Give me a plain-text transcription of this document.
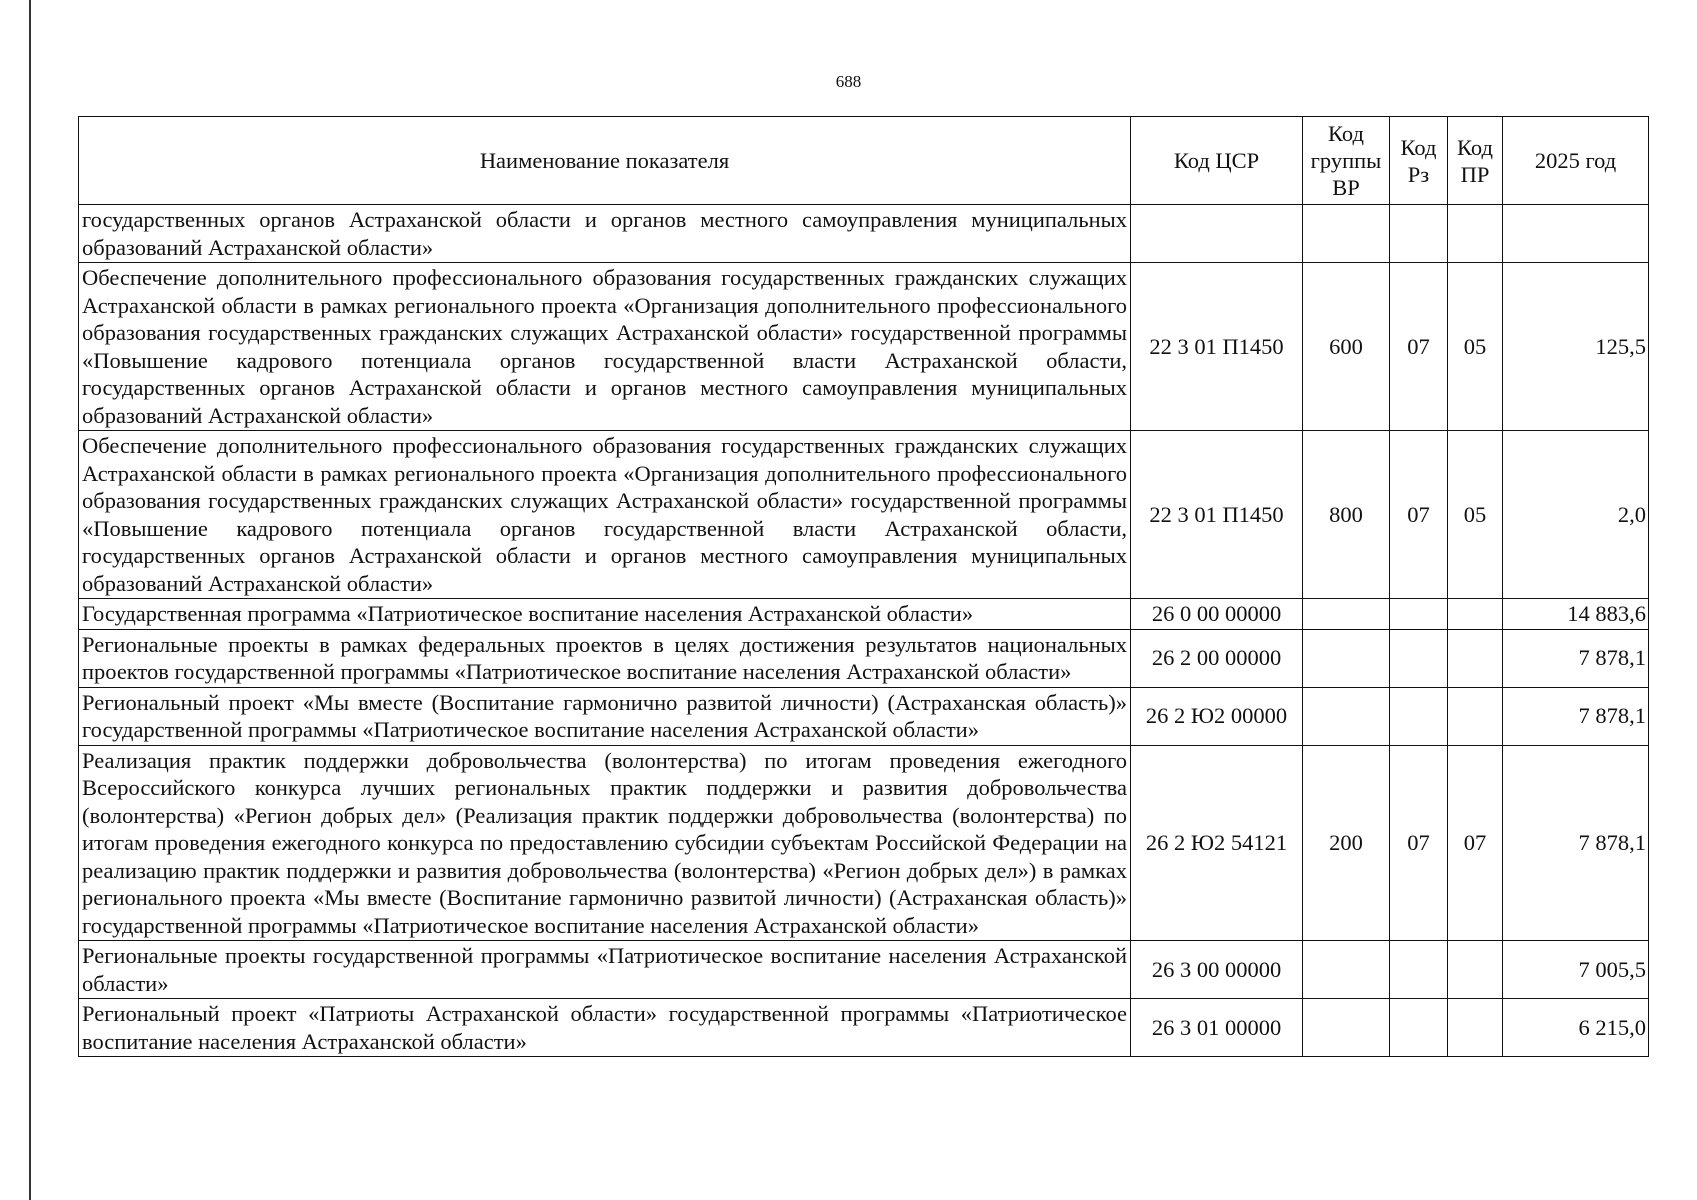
688
Наименование показателя	Код ЦСР	Код группы ВР	Код Рз	Код ПР	2025 год
государственных органов Астраханской области и органов местного самоуправления муниципальных образований Астраханской области»					
Обеспечение дополнительного профессионального образования государственных гражданских служащих Астраханской области в рамках регионального проекта «Организация дополнительного профессионального образования государственных гражданских служащих Астраханской области» государственной программы «Повышение кадрового потенциала органов государственной власти Астраханской области, государственных органов Астраханской области и органов местного самоуправления муниципальных образований Астраханской области»	22 3 01 П1450	600	07	05	125,5
Обеспечение дополнительного профессионального образования государственных гражданских служащих Астраханской области в рамках регионального проекта «Организация дополнительного профессионального образования государственных гражданских служащих Астраханской области» государственной программы «Повышение кадрового потенциала органов государственной власти Астраханской области, государственных органов Астраханской области и органов местного самоуправления муниципальных образований Астраханской области»	22 3 01 П1450	800	07	05	2,0
Государственная программа «Патриотическое воспитание населения Астраханской области»	26 0 00 00000				14 883,6
Региональные проекты в рамках федеральных проектов в целях достижения результатов национальных проектов государственной программы «Патриотическое воспитание населения Астраханской области»	26 2 00 00000				7 878,1
Региональный проект «Мы вместе (Воспитание гармонично развитой личности) (Астраханская область)» государственной программы «Патриотическое воспитание населения Астраханской области»	26 2 Ю2 00000				7 878,1
Реализация практик поддержки добровольчества (волонтерства) по итогам проведения ежегодного Всероссийского конкурса лучших региональных практик поддержки и развития добровольчества (волонтерства) «Регион добрых дел» (Реализация практик поддержки добровольчества (волонтерства) по итогам проведения ежегодного конкурса по предоставлению субсидии субъектам Российской Федерации на реализацию практик поддержки и развития добровольчества (волонтерства) «Регион добрых дел») в рамках регионального проекта «Мы вместе (Воспитание гармонично развитой личности) (Астраханская область)» государственной программы «Патриотическое воспитание населения Астраханской области»	26 2 Ю2 54121	200	07	07	7 878,1
Региональные проекты государственной программы «Патриотическое воспитание населения Астраханской области»	26 3 00 00000				7 005,5
Региональный проект «Патриоты Астраханской области» государственной программы «Патриотическое воспитание населения Астраханской области»	26 3 01 00000				6 215,0
